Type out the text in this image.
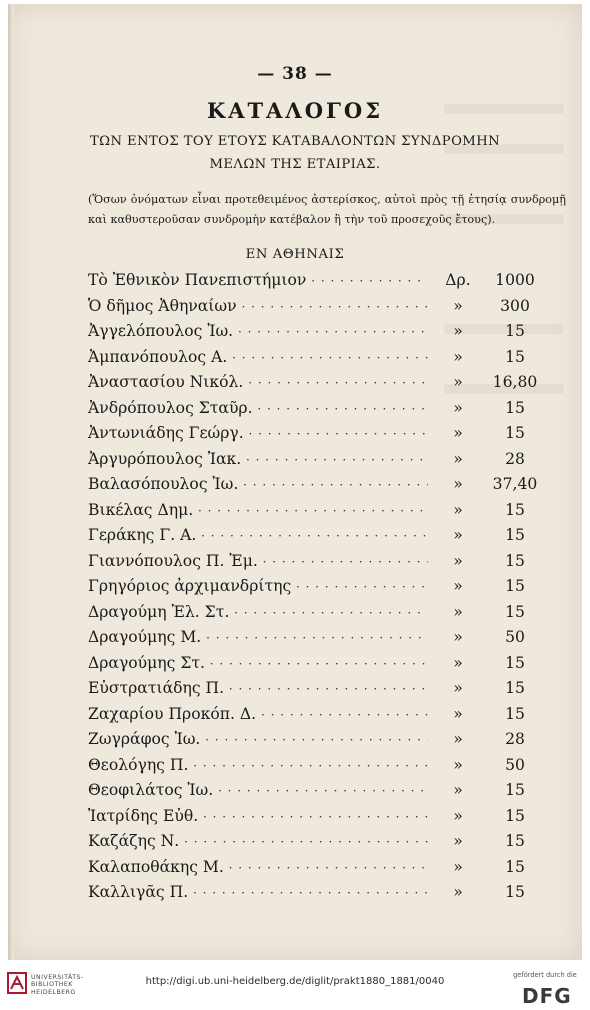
— 38 —
ΚΑΤΑΛΟΓΟΣ
ΤΩΝ ΕΝΤΟΣ ΤΟΥ ΕΤΟΥΣ ΚΑΤΑΒΑΛΟΝΤΩΝ ΣΥΝΔΡΟΜΗΝ
ΜΕΛΩΝ ΤΗΣ ΕΤΑΙΡΙΑΣ.
(Ὅσων ὀνόματων εἶναι προτεθειμένος ἀστερίσκος, αὐτοὶ πρὸς τῇ ἐτησίᾳ συνδρομῇ καὶ καθυστεροῦσαν συνδρομὴν κατέβαλον ἢ τὴν τοῦ προσεχοῦς ἔτους).
ΕΝ ΑΘΗΝΑΙΣ
Τὸ Ἐθνικὸν Πανεπιστήμιον · · ·	Δρ.	1000
Ὁ δῆμος Ἀθηναίων · · ·	»	300
Ἀγγελόπουλος Ἰω. · · ·	»	15
Ἀμπανόπουλος Α. · · ·	»	15
Ἀναστασίου Νικόλ. · · ·	»	16,80
Ἀνδρόπουλος Σταῦρ. · · ·	»	15
Ἀντωνιάδης Γεώργ. · · ·	»	15
Ἀργυρόπουλος Ἰακ. · · ·	»	28
Βαλασόπουλος Ἰω. · · ·	»	37,40
Βικέλας Δημ. · · ·	»	15
Γεράκης Γ. Α. · · ·	»	15
Γιαννόπουλος Π. Ἐμ. · · ·	»	15
Γρηγόριος ἀρχιμανδρίτης · · ·	»	15
Δραγούμη Ἐλ. Στ. · · ·	»	15
Δραγούμης Μ. · · ·	»	50
Δραγούμης Στ. · · ·	»	15
Εὐστρατιάδης Π. · · ·	»	15
Ζαχαρίου Προκόπ. Δ. · · ·	»	15
Ζωγράφος Ἰω. · · ·	»	28
Θεολόγης Π. · · ·	»	50
Θεοφιλάτος Ἰω. · · ·	»	15
Ἰατρίδης Εὐθ. · · ·	»	15
Καζάζης Ν. · · ·	»	15
Καλαποθάκης Μ. · · ·	»	15
Καλλιγᾶς Π. · · ·	»	15
UNIVERSITÄTS-
BIBLIOTHEK
HEIDELBERG
http://digi.ub.uni-heidelberg.de/diglit/prakt1880_1881/0040
gefördert durch die
DFG
